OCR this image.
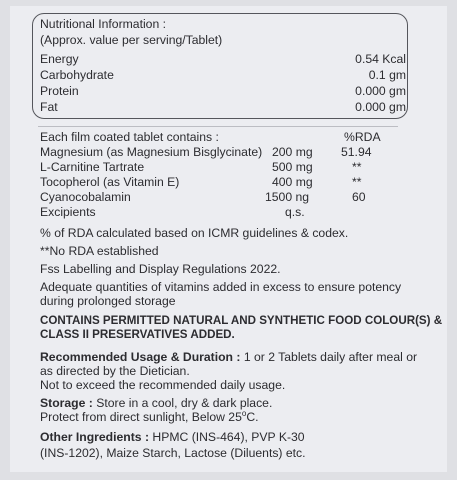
Nutritional Information :
(Approx. value per serving/Tablet)
Energy	0.54 Kcal
Carbohydrate	0.1 gm
Protein	0.000 gm
Fat	0.000 gm
Each film coated tablet contains :	%RDA
Magnesium (as Magnesium Bisglycinate) 200 mg 51.94
L-Carnitine Tartrate	500 mg	**
Tocopherol (as Vitamin E)	400 mg	**
Cyanocobalamin	1500 ng	60
Excipients	q.s.
% of RDA calculated based on ICMR guidelines & codex.
**No RDA established
Fss Labelling and Display Regulations 2022.
Adequate quantities of vitamins added in excess to ensure potency
during prolonged storage
CONTAINS PERMITTED NATURAL AND SYNTHETIC FOOD COLOUR(S) &
CLASS II PRESERVATIVES ADDED.
Recommended Usage & Duration : 1 or 2 Tablets daily after meal or
as directed by the Dietician.
Not to exceed the recommended daily usage.
Storage : Store in a cool, dry & dark place.
Protect from direct sunlight, Below 25$^o$C.
Other Ingredients : HPMC (INS-464), PVP K-30
(INS-1202), Maize Starch, Lactose (Diluents) etc.
